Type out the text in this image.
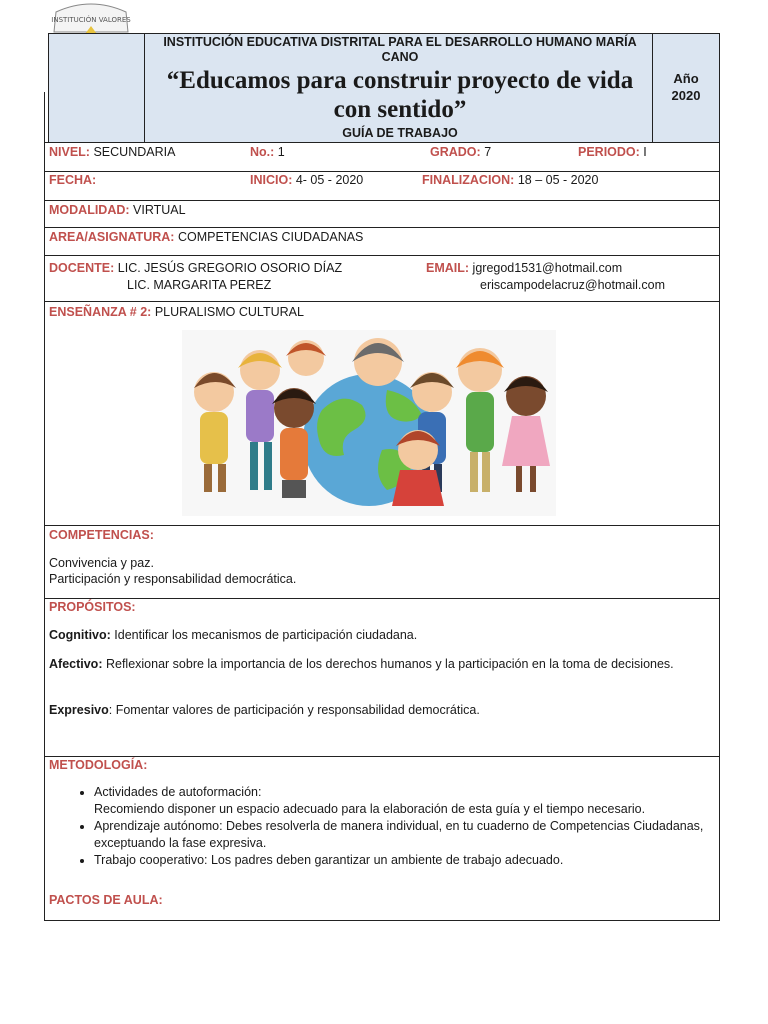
INSTITUCIÓN VALORES
INSTITUCIÓN EDUCATIVA DISTRITAL PARA EL DESARROLLO HUMANO MARÍA CANO
“Educamos para construir proyecto de vida con sentido”
GUÍA DE TRABAJO
Año
2020
NIVEL: SECUNDARIA	No.: 1	GRADO: 7	PERIODO: I
FECHA:	INICIO: 4- 05 - 2020	FINALIZACION: 18 – 05 - 2020
MODALIDAD: VIRTUAL
AREA/ASIGNATURA: COMPETENCIAS CIUDADANAS
DOCENTE: LIC. JESÚS GREGORIO OSORIO DÍAZ
LIC. MARGARITA PEREZ
EMAIL: jgregod1531@hotmail.com
eriscampodelacruz@hotmail.com
ENSEÑANZA # 2: PLURALISMO CULTURAL
COMPETENCIAS:
Convivencia y paz.
Participación y responsabilidad democrática.
PROPÓSITOS:
Cognitivo: Identificar los mecanismos de participación ciudadana.
Afectivo: Reflexionar sobre la importancia de los derechos humanos y la participación en la toma de decisiones.
Expresivo: Fomentar valores de participación y responsabilidad democrática.
METODOLOGÍA:
• Actividades de autoformación:
Recomiendo disponer un espacio adecuado para la elaboración de esta guía y el tiempo necesario.
• Aprendizaje autónomo: Debes resolverla de manera individual, en tu cuaderno de Competencias Ciudadanas, exceptuando la fase expresiva.
• Trabajo cooperativo: Los padres deben garantizar un ambiente de trabajo adecuado.
PACTOS DE AULA:
